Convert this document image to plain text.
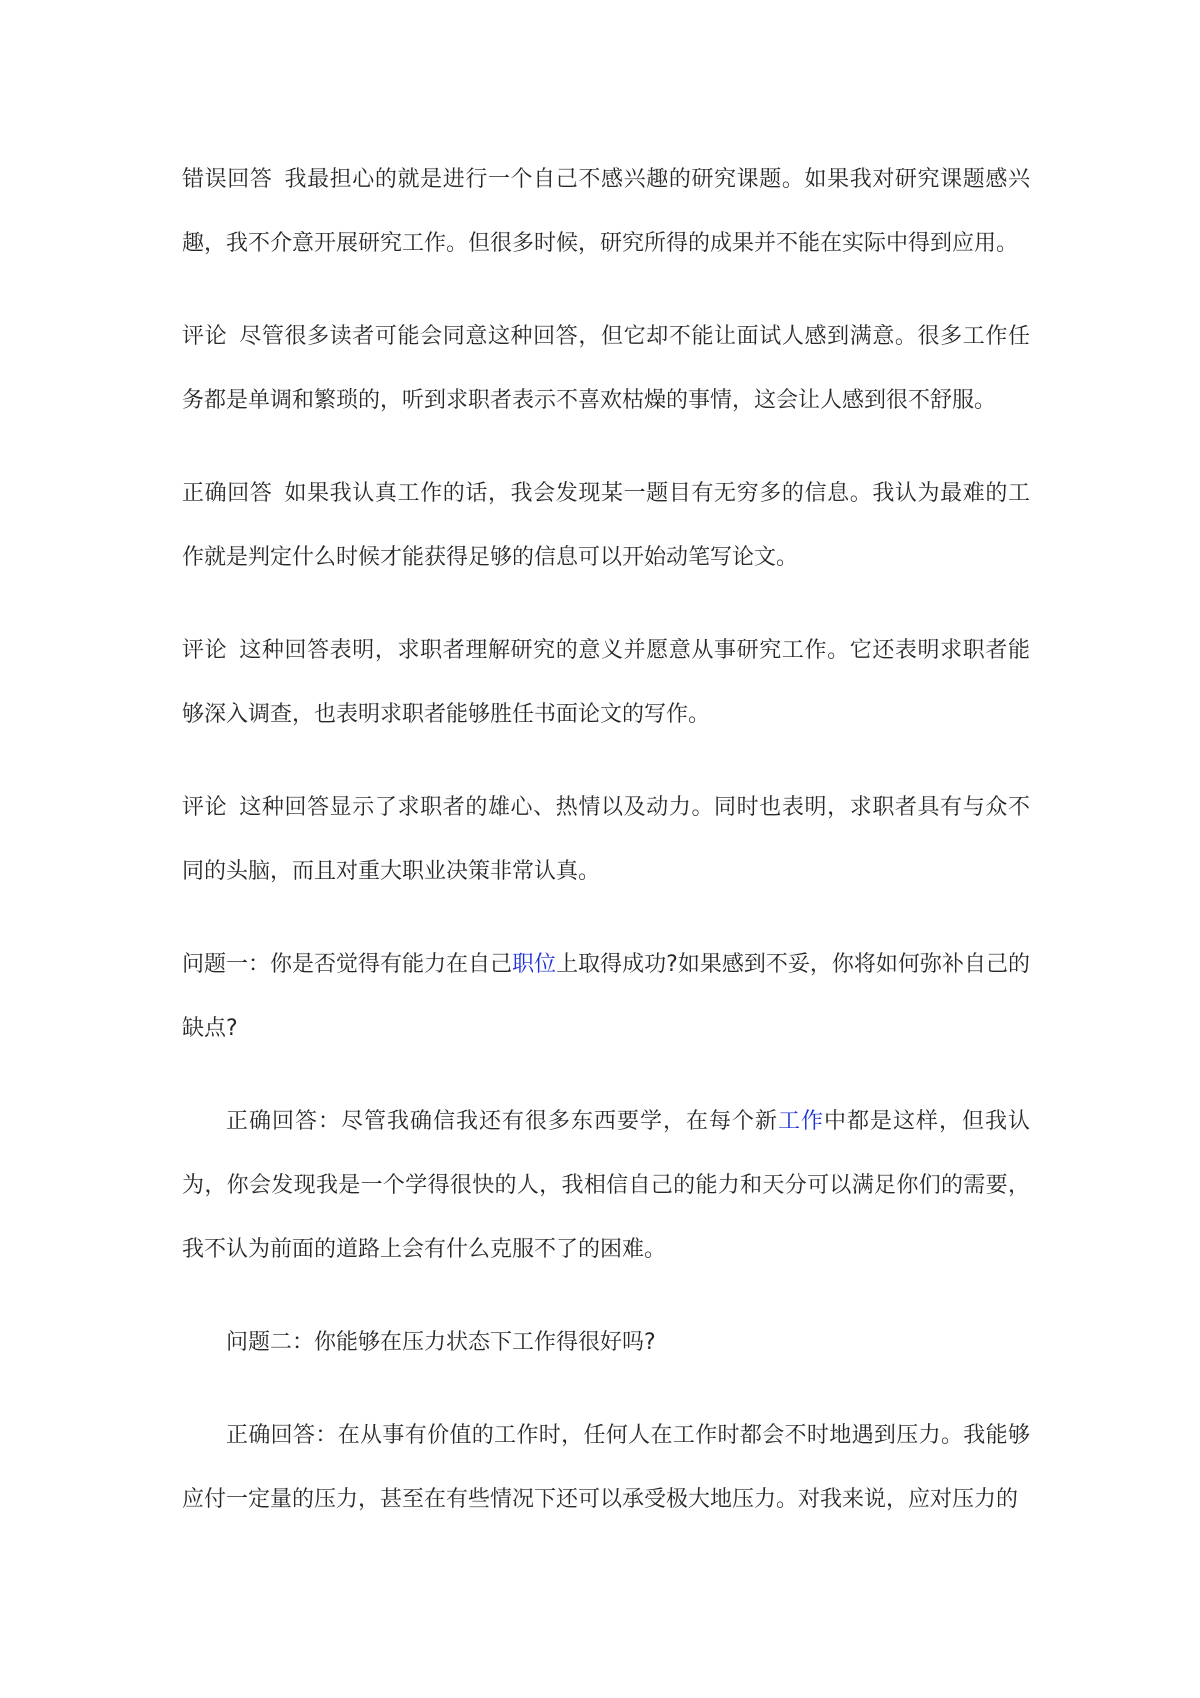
错误回答 我最担心的就是进行一个自己不感兴趣的研究课题。如果我对研究课题感兴趣，我不介意开展研究工作。但很多时候，研究所得的成果并不能在实际中得到应用。

评论 尽管很多读者可能会同意这种回答，但它却不能让面试人感到满意。很多工作任务都是单调和繁琐的，听到求职者表示不喜欢枯燥的事情，这会让人感到很不舒服。

正确回答 如果我认真工作的话，我会发现某一题目有无穷多的信息。我认为最难的工作就是判定什么时候才能获得足够的信息可以开始动笔写论文。

评论 这种回答表明，求职者理解研究的意义并愿意从事研究工作。它还表明求职者能够深入调查，也表明求职者能够胜任书面论文的写作。

评论 这种回答显示了求职者的雄心、热情以及动力。同时也表明，求职者具有与众不同的头脑，而且对重大职业决策非常认真。

问题一：你是否觉得有能力在自己职位上取得成功?如果感到不妥，你将如何弥补自己的缺点?

正确回答：尽管我确信我还有很多东西要学，在每个新工作中都是这样，但我认为，你会发现我是一个学得很快的人，我相信自己的能力和天分可以满足你们的需要，我不认为前面的道路上会有什么克服不了的困难。

问题二：你能够在压力状态下工作得很好吗?

正确回答：在从事有价值的工作时，任何人在工作时都会不时地遇到压力。我能够应付一定量的压力，甚至在有些情况下还可以承受极大地压力。对我来说，应对压力的
